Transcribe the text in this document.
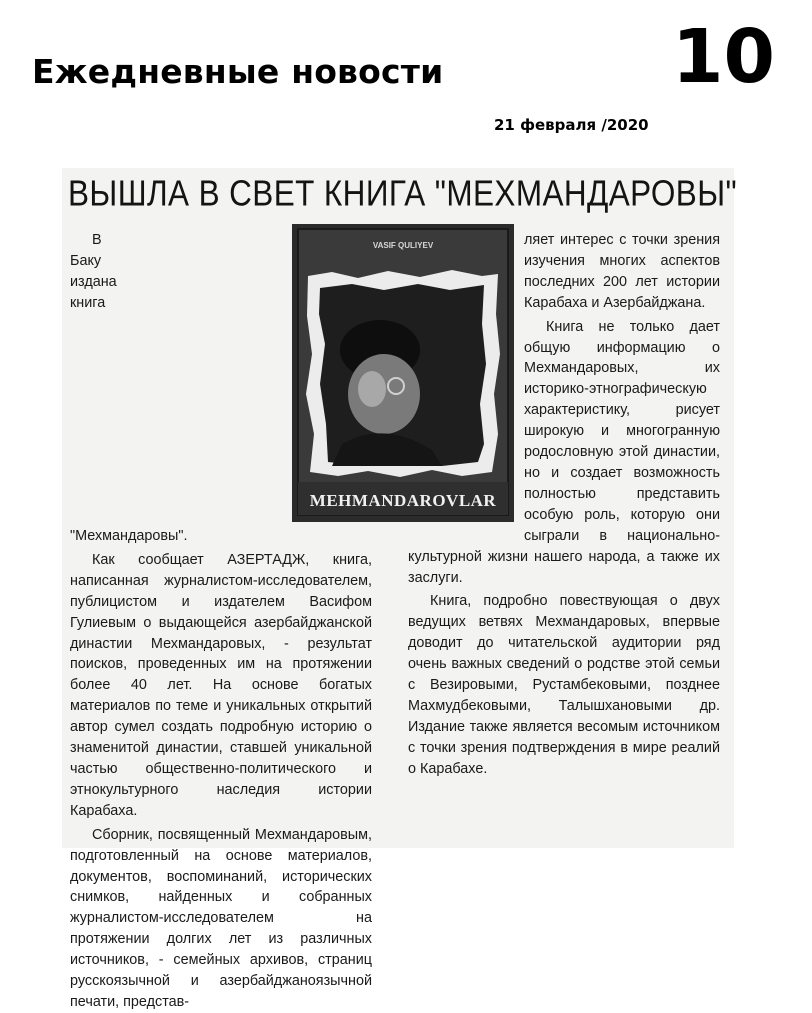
Ежедневные новости	10
21 февраля /2020
ВЫШЛА В СВЕТ КНИГА "МЕХМАНДАРОВЫ"

В Баку издана книга "Мехмандаровы".

Как сообщает АЗЕРТАДЖ, книга, написанная журналистом-исследователем, публицистом и издателем Васифом Гулиевым о выдающейся азербайджанской династии Мехмандаровых, - результат поисков, проведенных им на протяжении более 40 лет. На основе богатых материалов по теме и уникальных открытий автор сумел создать подробную историю о знаменитой династии, ставшей уникальной частью общественно-политического и этнокультурного наследия истории Карабаха.

Сборник, посвященный Мехмандаровым, подготовленный на основе материалов, документов, воспоминаний, исторических снимков, найденных и собранных журналистом-исследователем на протяжении долгих лет из различных источников, - семейных архивов, страниц русскоязычной и азербайджаноязычной печати, представ-

ляет интерес с точки зрения изучения многих аспектов последних 200 лет истории Карабаха и Азербайджана.

Книга не только дает общую информацию о Мехмандаровых, их историко-этнографическую характеристику, рисует широкую и многогранную родословную этой династии, но и создает возможность полностью представить особую роль, которую они сыграли в национально-культурной жизни нашего народа, а также их заслуги.

Книга, подробно повествующая о двух ведущих ветвях Мехмандаровых, впервые доводит до читательской аудитории ряд очень важных сведений о родстве этой семьи с Везировыми, Рустамбековыми, позднее Махмудбековыми, Талышхановыми др. Издание также является весомым источником с точки зрения подтверждения в мире реалий о Карабахе.

VASIF QULIYEV
MEHMANDAROVLAR
